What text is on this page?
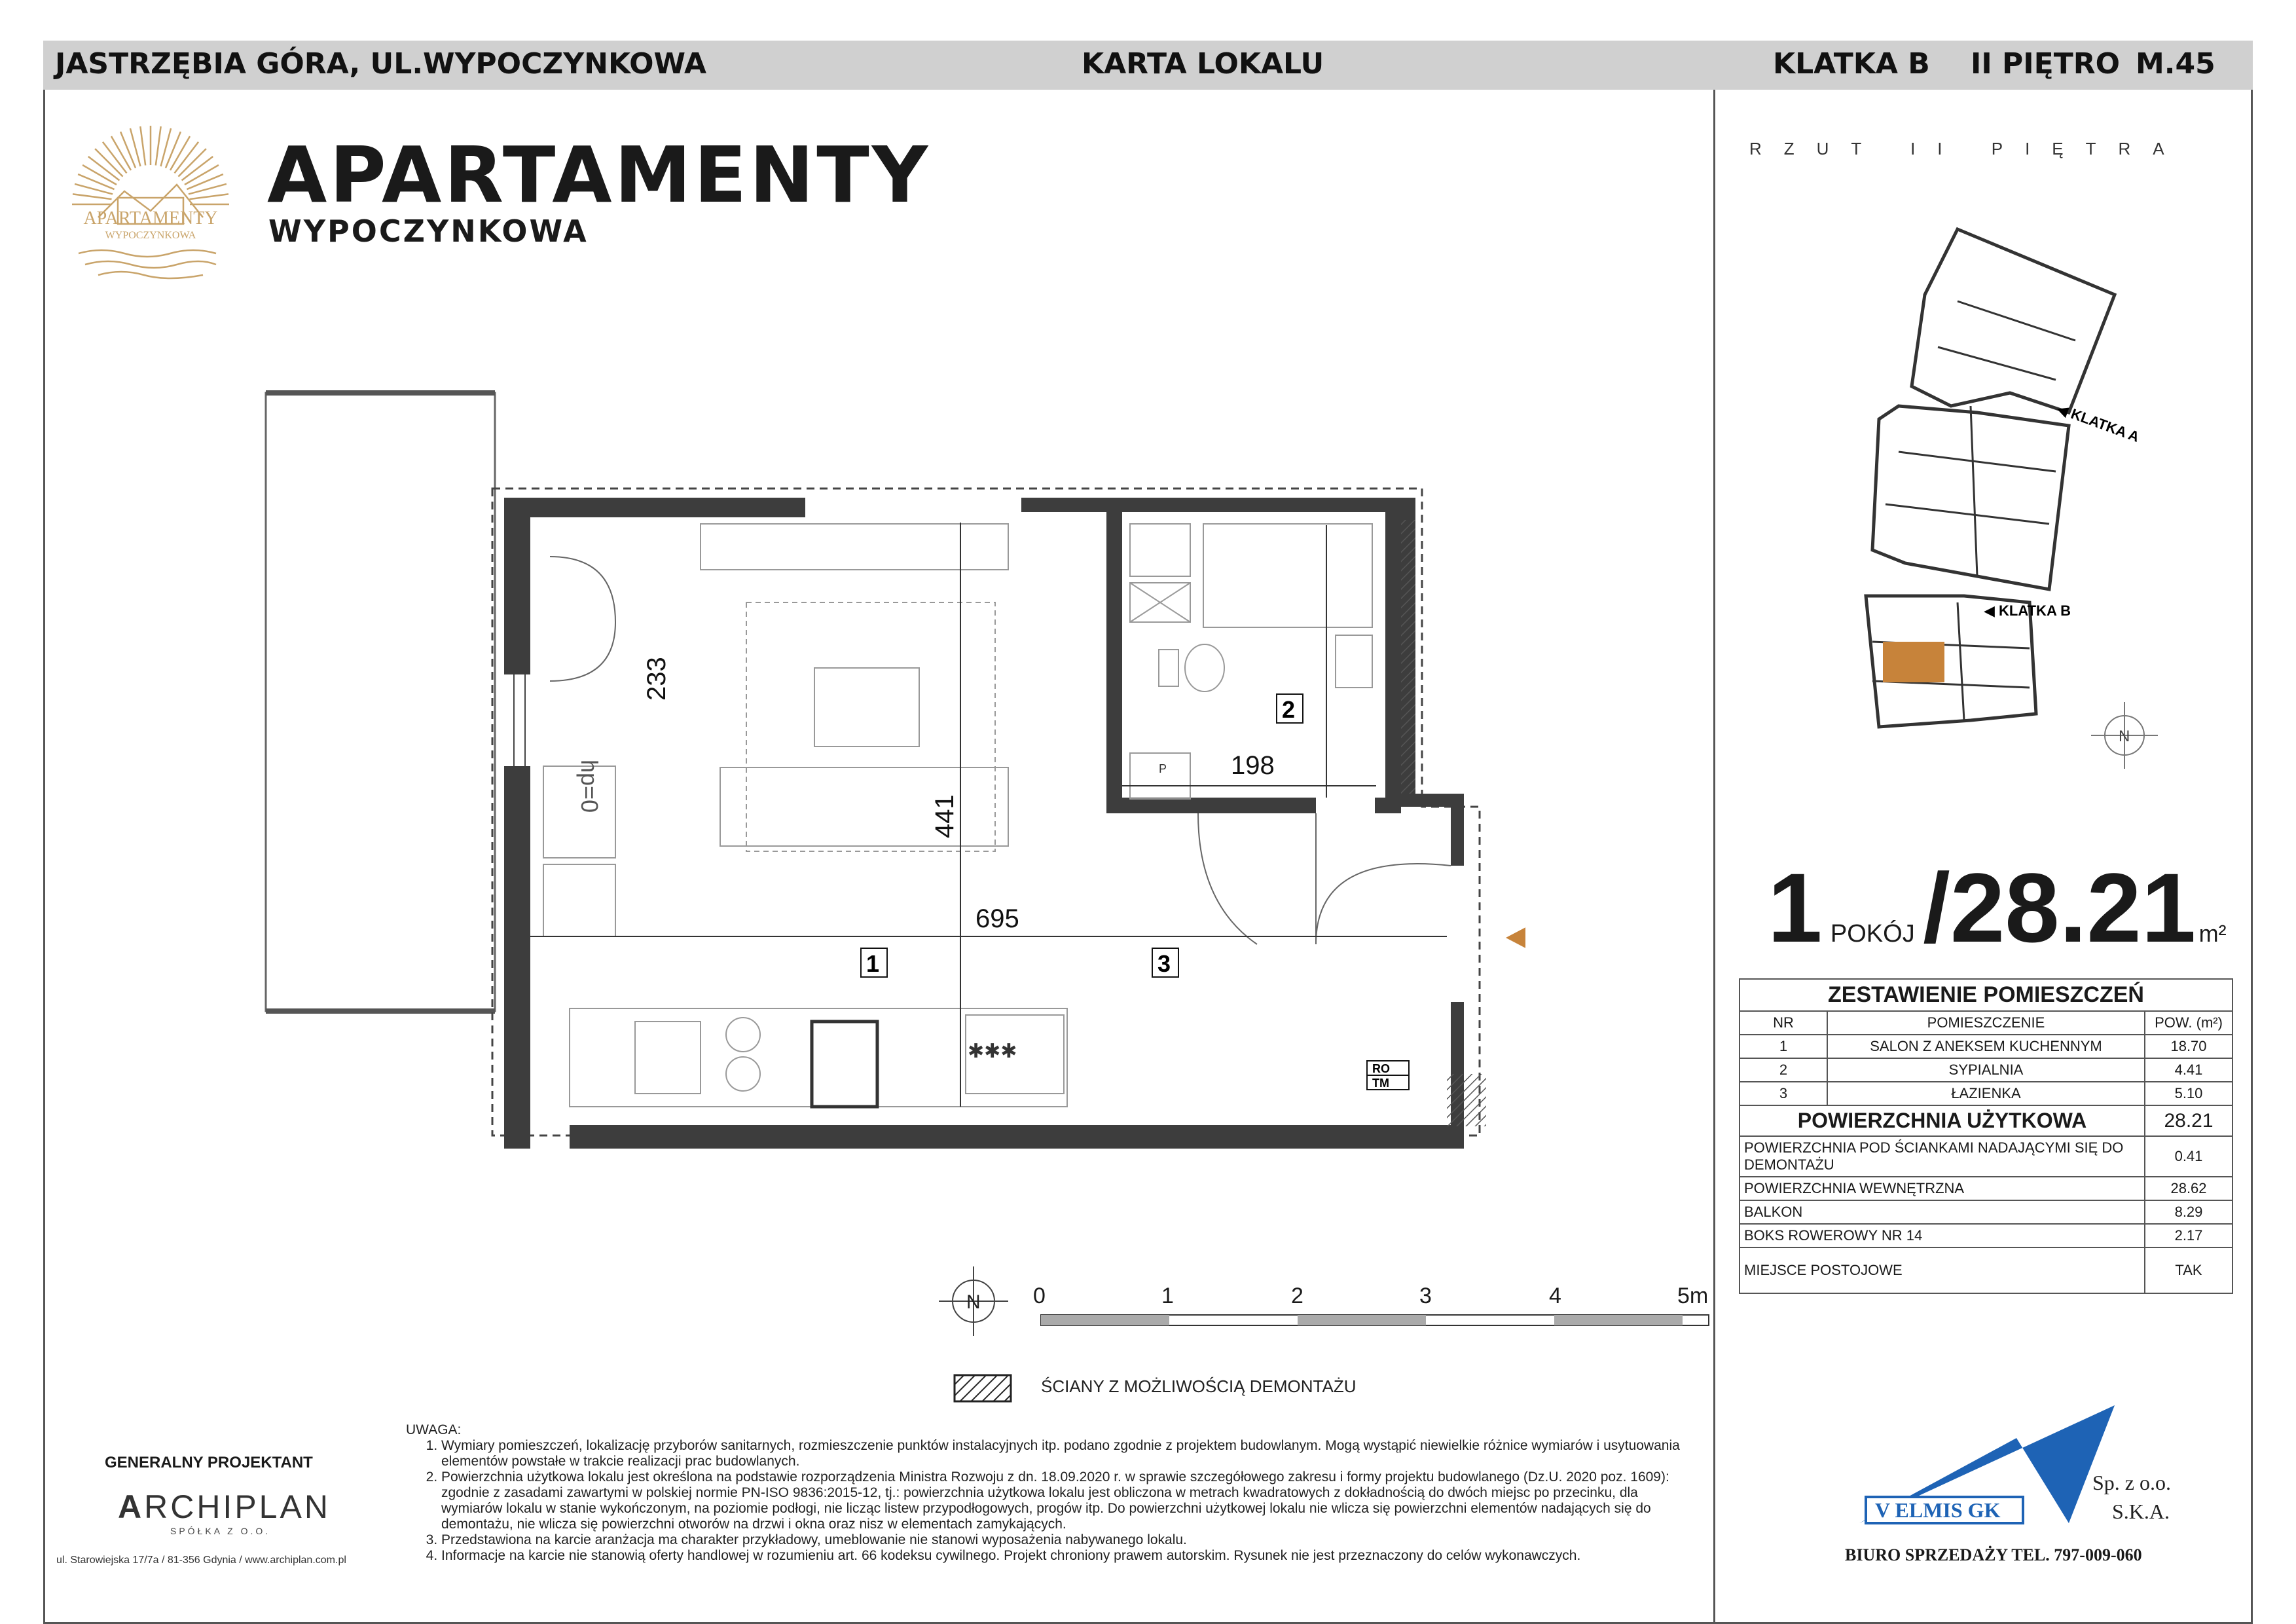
JASTRZĘBIA GÓRA, UL.WYPOCZYNKOWA	KARTA LOKALU	KLATKA B II PIĘTRO M.45
APARTAMENTY
WYPOCZYNKOWA
APARTAMENTY
WYPOCZYNKOWA
695
441
233
198
hp=0
1
2
3
✱✱✱
P
RO
TM
N 0	1	2	3	4	5m
ŚCIANY Z MOŻLIWOŚCIĄ DEMONTAŻU
RZUT II PIĘTRA
◀ KLATKA A
◀ KLATKA B
N
1 POKÓJ /28.21 m²
ZESTAWIENIE POMIESZCZEŃ		
NR	POMIESZCZENIE	POW. (m²)
1	SALON Z ANEKSEM KUCHENNYM	18.70
2	SYPIALNIA	4.41
3	ŁAZIENKA	5.10
POWIERZCHNIA UŻYTKOWA		28.21
POWIERZCHNIA POD ŚCIANKAMI NADAJĄCYMI SIĘ DO DEMONTAŻU		0.41
POWIERZCHNIA WEWNĘTRZNA		28.62
BALKON		8.29
BOKS ROWEROWY NR 14		2.17
MIEJSCE POSTOJOWE		TAK
UWAGA:
1. Wymiary pomieszczeń, lokalizację przyborów sanitarnych, rozmieszczenie punktów instalacyjnych itp. podano zgodnie z projektem budowlanym. Mogą wystąpić niewielkie różnice wymiarów i usytuowania elementów powstałe w trakcie realizacji prac budowlanych.
2. Powierzchnia użytkowa lokalu jest określona na podstawie rozporządzenia Ministra Rozwoju z dn. 18.09.2020 r. w sprawie szczegółowego zakresu i formy projektu budowlanego (Dz.U. 2020 poz. 1609): zgodnie z zasadami zawartymi w polskiej normie PN-ISO 9836:2015-12, tj.: powierzchnia użytkowa lokalu jest obliczona w metrach kwadratowych z dokładnością do dwóch miejsc po przecinku, dla wymiarów lokalu w stanie wykończonym, na poziomie podłogi, nie licząc listew przypodłogowych, progów itp. Do powierzchni użytkowej lokalu nie wlicza się powierzchni elementów nadających się do demontażu, nie wlicza się powierzchni otworów na drzwi i okna oraz nisz w elementach zamykających.
3. Przedstawiona na karcie aranżacja ma charakter przykładowy, umeblowanie nie stanowi wyposażenia nabywanego lokalu.
4. Informacje na karcie nie stanowią oferty handlowej w rozumieniu art. 66 kodeksu cywilnego. Projekt chroniony prawem autorskim. Rysunek nie jest przeznaczony do celów wykonawczych.
GENERALNY PROJEKTANT
ARCHIPLAN
SPÓŁKA Z O.O.
ul. Starowiejska 17/7a / 81-356 Gdynia / www.archiplan.com.pl
V ELMIS GK
Sp. z o.o.
S.K.A.
BIURO SPRZEDAŻY TEL. 797-009-060
